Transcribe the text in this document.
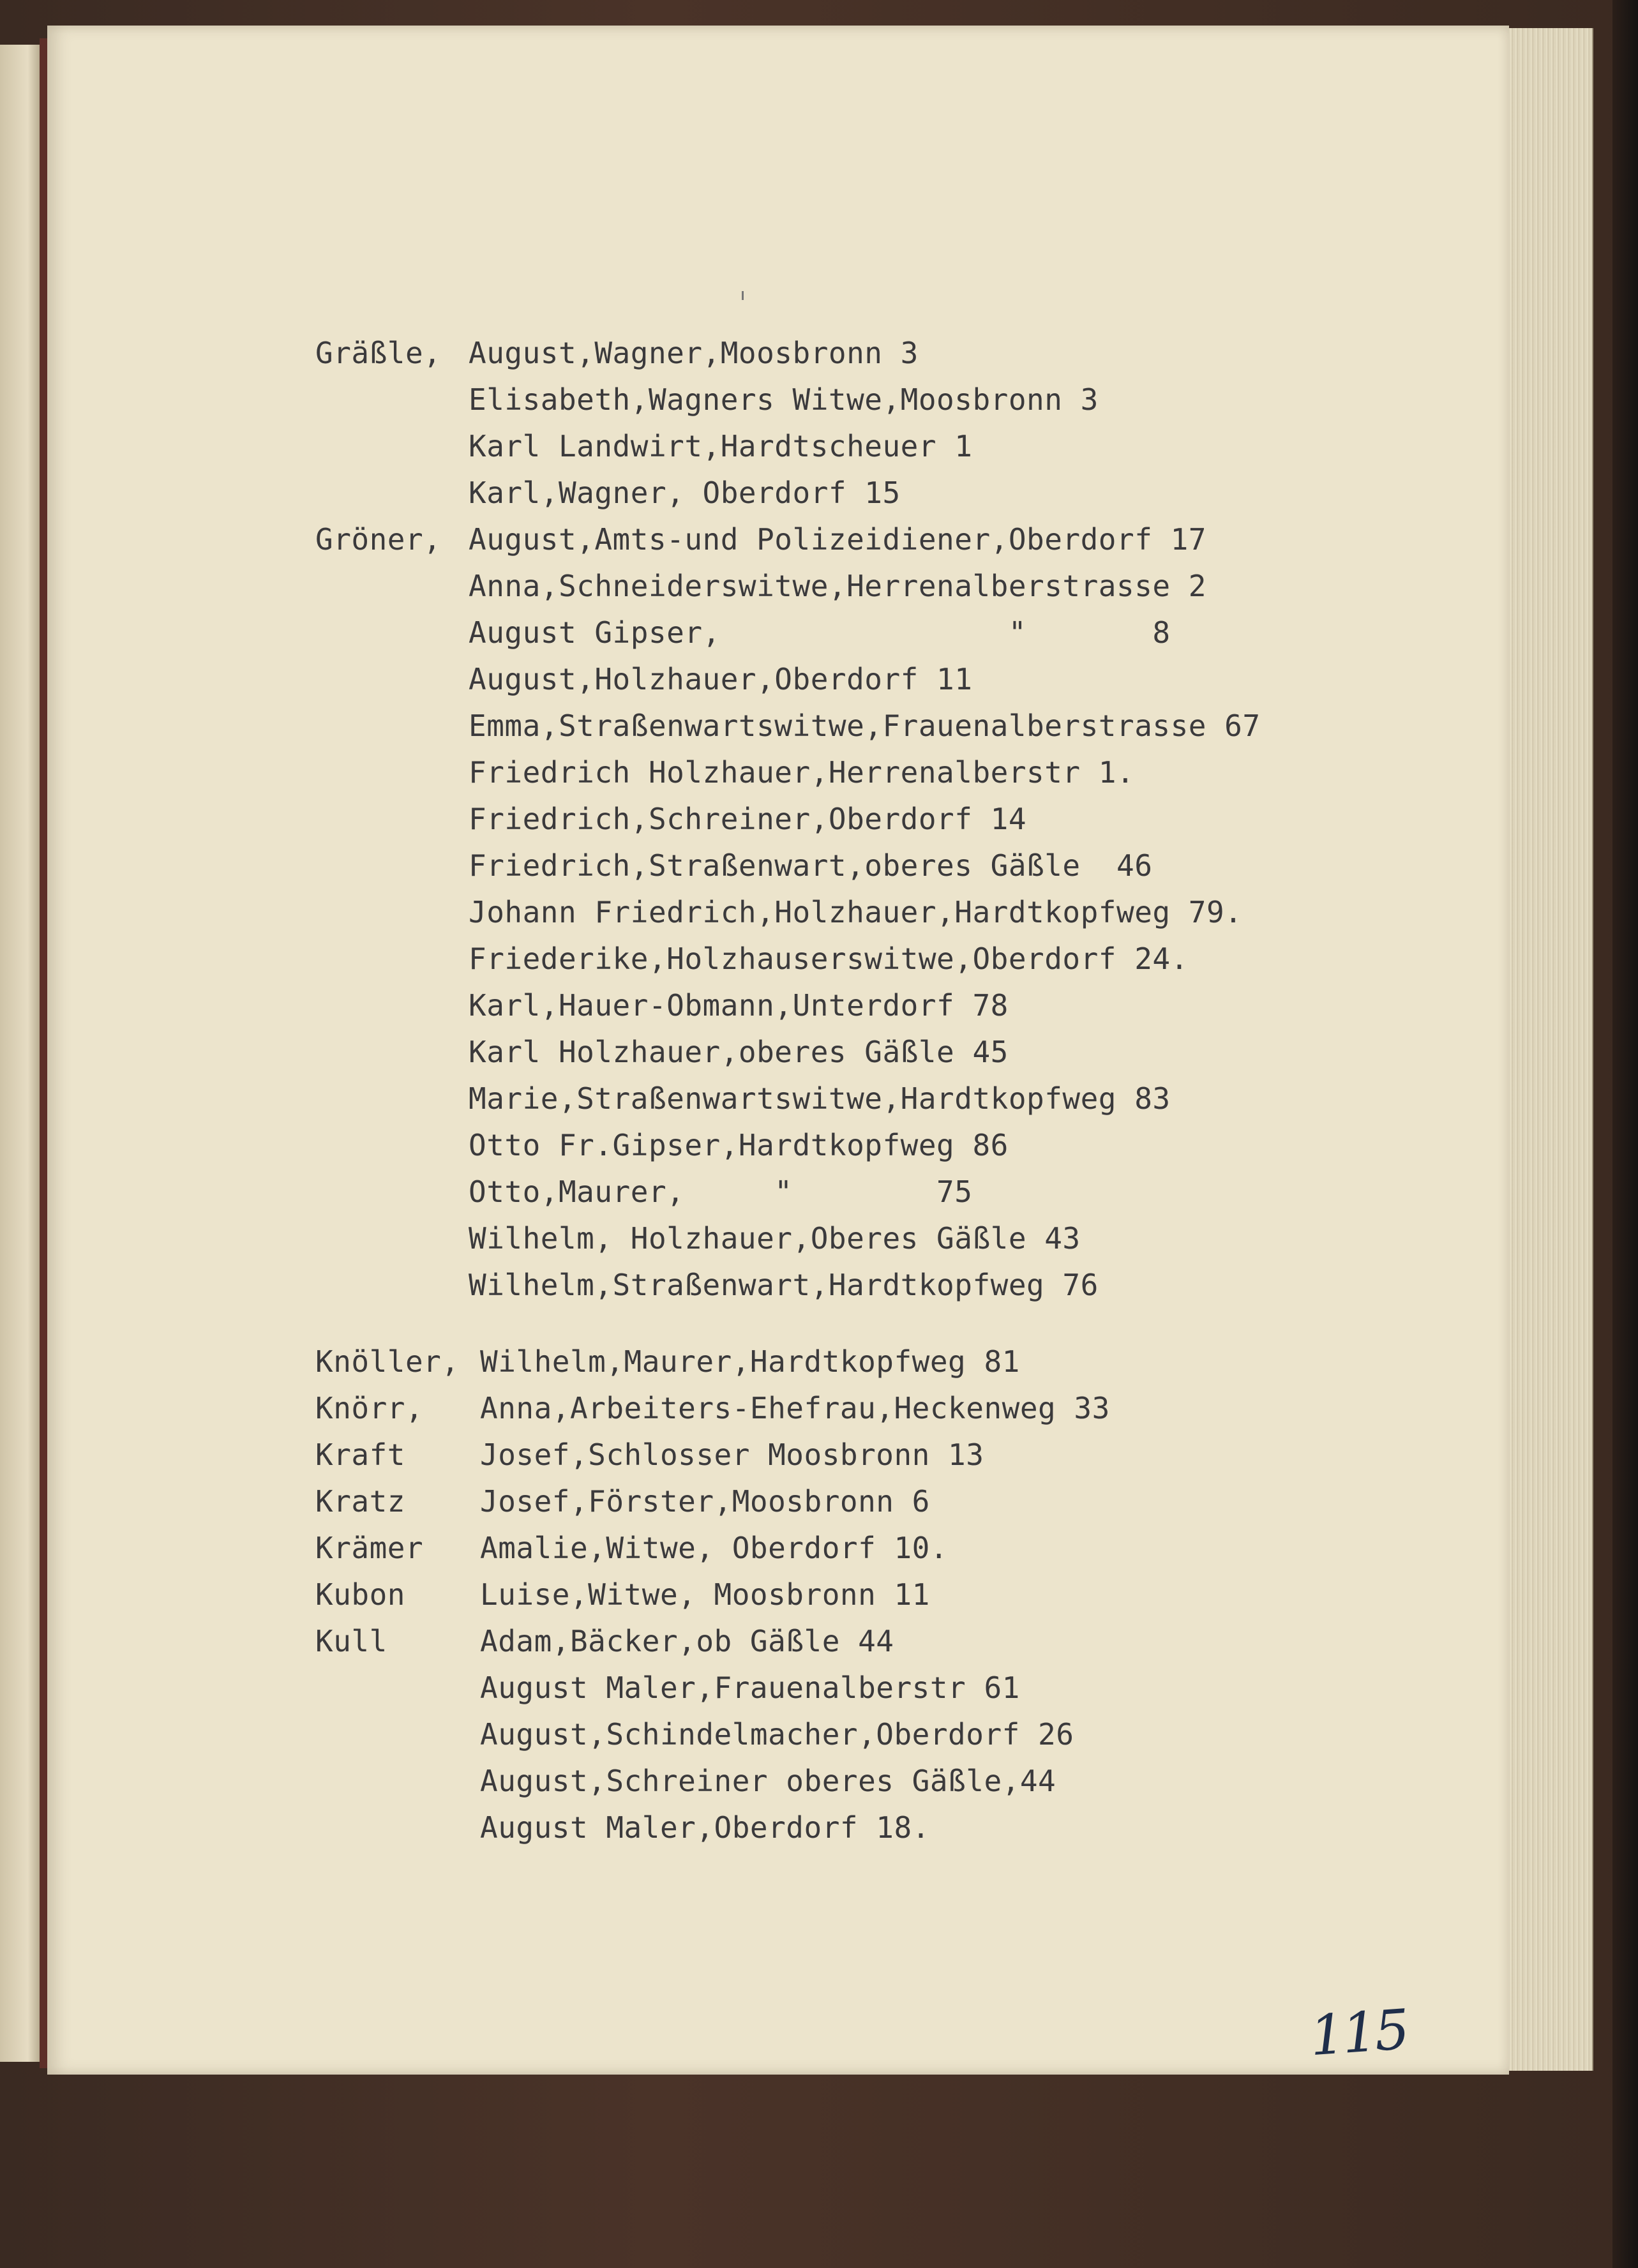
Gräßle, August,Wagner,Moosbronn 3
Elisabeth,Wagners Witwe,Moosbronn 3
Karl Landwirt,Hardtscheuer 1
Karl,Wagner, Oberdorf 15
Gröner, August,Amts-und Polizeidiener,Oberdorf 17
Anna,Schneiderswitwe,Herrenalberstrasse 2
August Gipser,                "       8
August,Holzhauer,Oberdorf 11
Emma,Straßenwartswitwe,Frauenalberstrasse 67
Friedrich Holzhauer,Herrenalberstr 1.
Friedrich,Schreiner,Oberdorf 14
Friedrich,Straßenwart,oberes Gäßle  46
Johann Friedrich,Holzhauer,Hardtkopfweg 79.
Friederike,Holzhauserswitwe,Oberdorf 24.
Karl,Hauer-Obmann,Unterdorf 78
Karl Holzhauer,oberes Gäßle 45
Marie,Straßenwartswitwe,Hardtkopfweg 83
Otto Fr.Gipser,Hardtkopfweg 86
Otto,Maurer,     "        75
Wilhelm, Holzhauer,Oberes Gäßle 43
Wilhelm,Straßenwart,Hardtkopfweg 76
Knöller, Wilhelm,Maurer,Hardtkopfweg 81
Knörr, Anna,Arbeiters-Ehefrau,Heckenweg 33
Kraft	Josef,Schlosser Moosbronn 13
Kratz	Josef,Förster,Moosbronn 6
Krämer Amalie,Witwe, Oberdorf 10.
Kubon	Luise,Witwe, Moosbronn 11
Kull	Adam,Bäcker,ob Gäßle 44
August Maler,Frauenalberstr 61
August,Schindelmacher,Oberdorf 26
August,Schreiner oberes Gäßle,44
August Maler,Oberdorf 18.
115
